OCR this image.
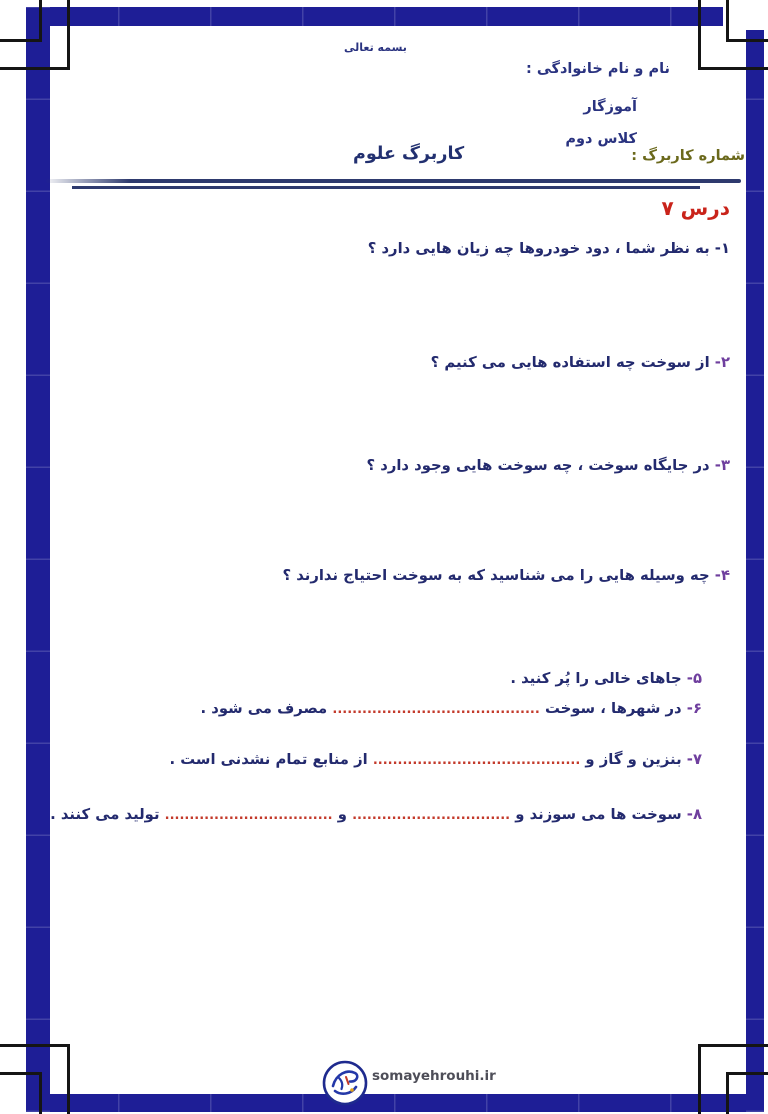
بسمه تعالی
نام و نام خانوادگی :
آموزگار
کلاس دوم
شماره کاربرگ :
کاربرگ علوم
درس ۷
۱- به نظر شما ، دود خودروها چه زیان هایی دارد ؟
۲- از سوخت چه استفاده هایی می کنیم ؟
۳- در جایگاه سوخت ، چه سوخت هایی وجود دارد ؟
۴- چه وسیله هایی را می شناسید که به سوخت احتیاج ندارند ؟
۵- جاهای خالی را پُر کنید .
۶- در شهرها ، سوخت .......................................... مصرف می شود .
۷- بنزین و گاز و .......................................... از منابع تمام نشدنی است .
۸- سوخت ها می سوزند و ................................ و .................................. تولید می کنند .
somayehrouhi.ir
